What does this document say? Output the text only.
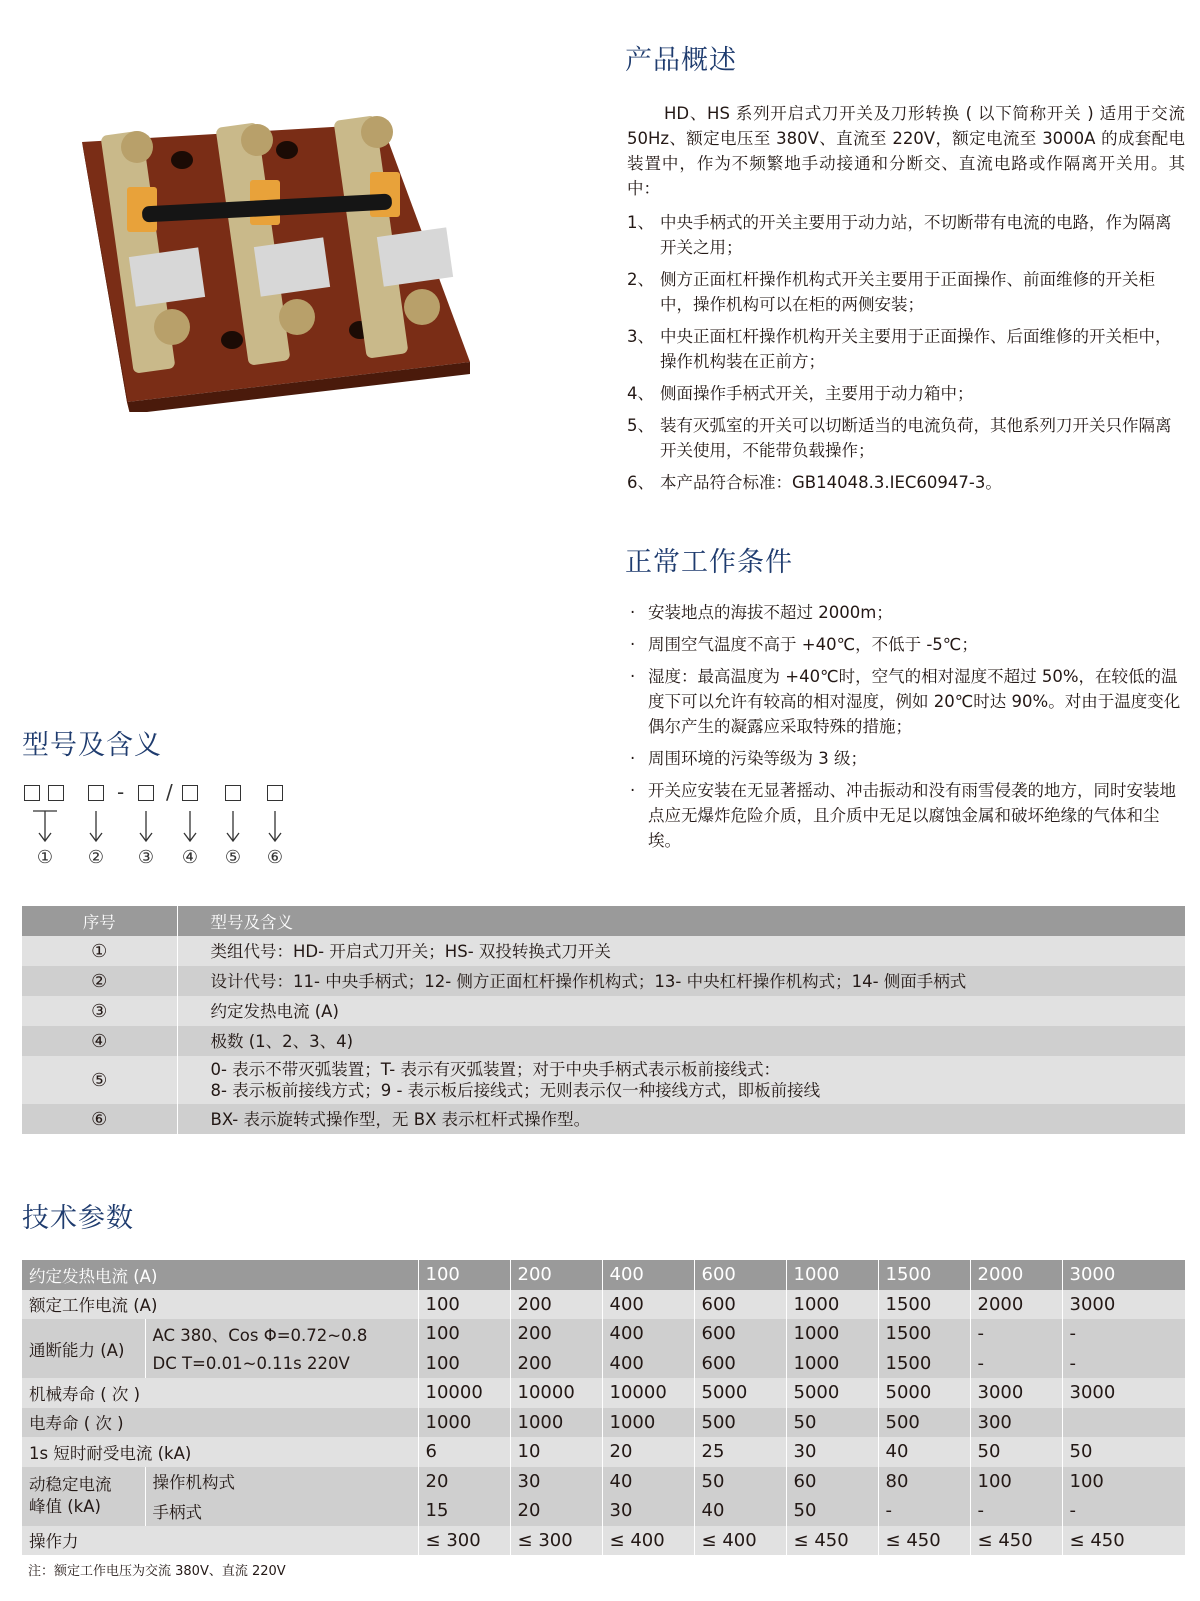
产品概述

HD、HS 系列开启式刀开关及刀形转换 ( 以下简称开关 ) 适用于交流 50Hz、额定电压至 380V、直流至 220V，额定电流至 3000A 的成套配电装置中，作为不频繁地手动接通和分断交、直流电路或作隔离开关用。其中：

1、 中央手柄式的开关主要用于动力站，不切断带有电流的电路，作为隔离开关之用；
2、 侧方正面杠杆操作机构式开关主要用于正面操作、前面维修的开关柜中，操作机构可以在柜的两侧安装；
3、 中央正面杠杆操作机构开关主要用于正面操作、后面维修的开关柜中，操作机构装在正前方；
4、 侧面操作手柄式开关，主要用于动力箱中；
5、 装有灭弧室的开关可以切断适当的电流负荷，其他系列刀开关只作隔离开关使用，不能带负载操作；
6、 本产品符合标准：GB14048.3.IEC60947-3。
正常工作条件
· 安装地点的海拔不超过 2000m；
· 周围空气温度不高于 +40℃，不低于 -5℃；
· 湿度：最高温度为 +40℃时，空气的相对湿度不超过 50%，在较低的温度下可以允许有较高的相对湿度，例如 20℃时达 90%。对由于温度变化偶尔产生的凝露应采取特殊的措施；
· 周围环境的污染等级为 3 级；
· 开关应安装在无显著摇动、冲击振动和没有雨雪侵袭的地方，同时安装地点应无爆炸危险介质，且介质中无足以腐蚀金属和破坏绝缘的气体和尘埃。
型号及含义
- /
① ② ③ ④ ⑤ ⑥
序号	型号及含义
①	类组代号：HD- 开启式刀开关；HS- 双投转换式刀开关

②	设计代号：11- 中央手柄式；12- 侧方正面杠杆操作机构式；13- 中央杠杆操作机构式；14- 侧面手柄式

③	约定发热电流 (A)

④	极数 (1、2、3、4)

⑤	0- 表示不带灭弧装置；T- 表示有灭弧装置；对于中央手柄式表示板前接线式：
8- 表示板前接线方式；9 - 表示板后接线式；无则表示仅一种接线方式，即板前接线

⑥	BX- 表示旋转式操作型，无 BX 表示杠杆式操作型。
技术参数
约定发热电流 (A)		100	200	400	600	1000	1500	2000	3000
额定工作电流 (A)		100	200	400	600	1000	1500	2000	3000
通断能力 (A)	AC 380、Cos Φ=0.72~0.8	100	200	400	600	1000	1500	-	-
	DC T=0.01~0.11s 220V	100	200	400	600	1000	1500	-	-
机械寿命 ( 次 )		10000	10000	10000	5000	5000	5000	3000	3000
电寿命 ( 次 )		1000	1000	1000	500	50	500	300	
1s 短时耐受电流 (kA)		6	10	20	25	30	40	50	50

动稳定电流
峰值 (kA)	操作机构式	20	30	40	50	60	80	100	100
	手柄式	15	20	30	40	50	-	-	-
操作力		≤ 300	≤ 300	≤ 400	≤ 400	≤ 450	≤ 450	≤ 450	≤ 450
注：额定工作电压为交流 380V、直流 220V
